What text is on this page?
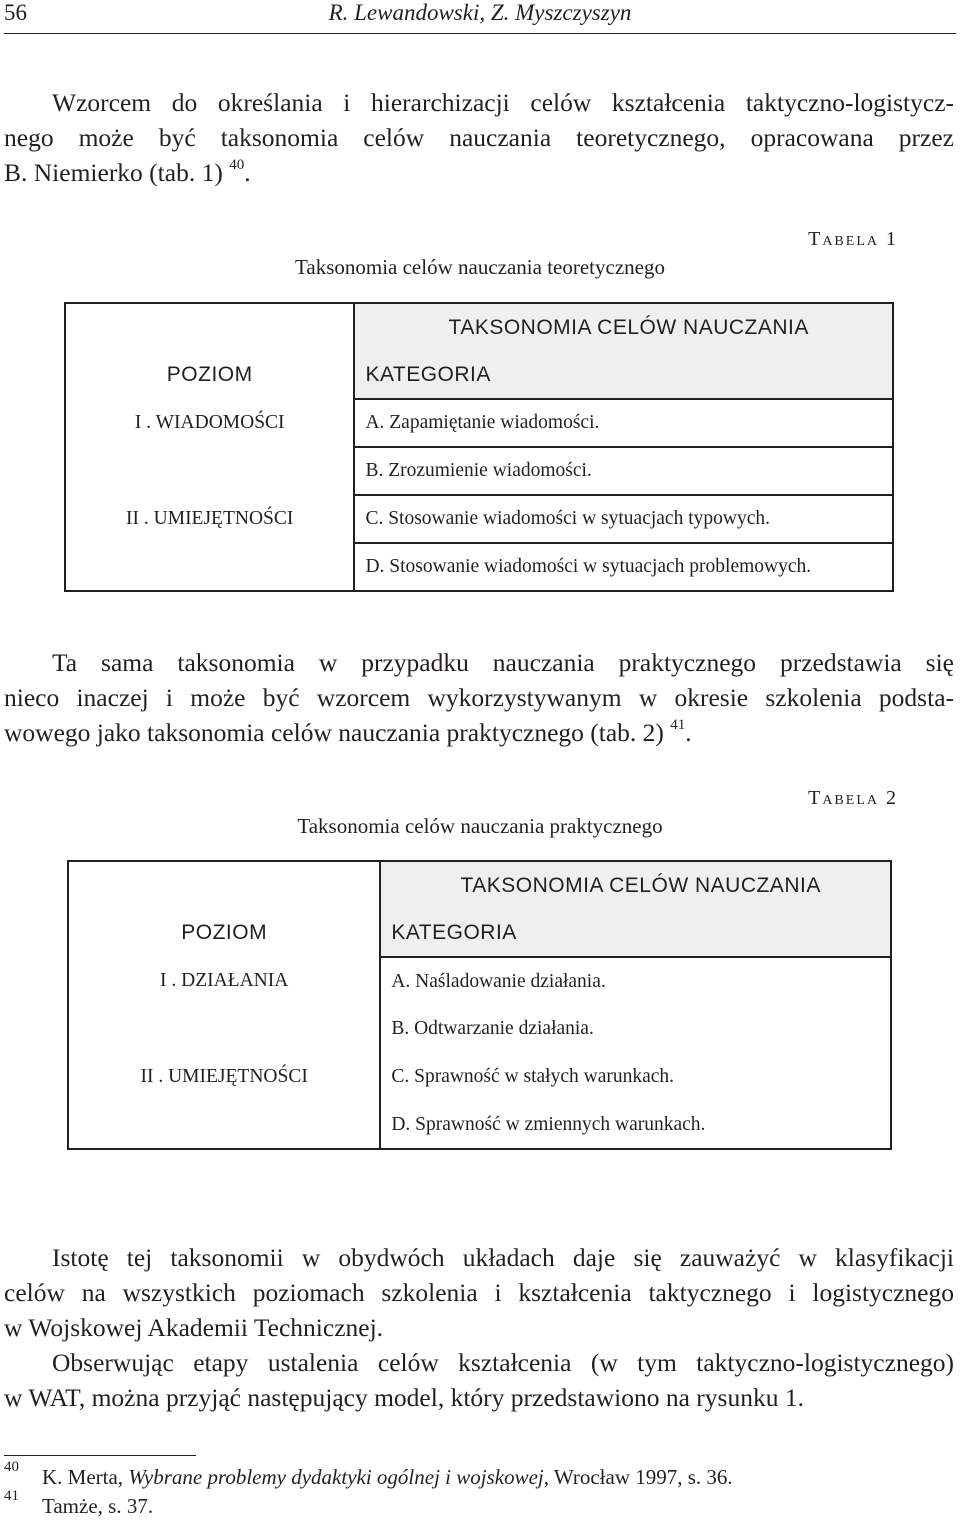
56	R. Lewandowski, Z. Myszczyszyn
Wzorcem do określania i hierarchizacji celów kształcenia taktyczno-logistycz-
nego może być taksonomia celów nauczania teoretycznego, opracowana przez
B. Niemierko (tab. 1) $^{40}$.
Tabela 1
Taksonomia celów nauczania teoretycznego
	TAKSONOMIA CELÓW NAUCZANIA
POZIOM	KATEGORIA
I . WIADOMOŚCI	A. Zapamiętanie wiadomości.
	B. Zrozumienie wiadomości.
II . UMIEJĘTNOŚCI	C. Stosowanie wiadomości w sytuacjach typowych.
	D. Stosowanie wiadomości w sytuacjach problemowych.
Ta sama taksonomia w przypadku nauczania praktycznego przedstawia się
nieco inaczej i może być wzorcem wykorzystywanym w okresie szkolenia podsta-
wowego jako taksonomia celów nauczania praktycznego (tab. 2) $^{41}$.
Tabela 2
Taksonomia celów nauczania praktycznego
	TAKSONOMIA CELÓW NAUCZANIA
POZIOM	KATEGORIA
I . DZIAŁANIA	A. Naśladowanie działania.
	B. Odtwarzanie działania.
II . UMIEJĘTNOŚCI	C. Sprawność w stałych warunkach.
	D. Sprawność w zmiennych warunkach.
Istotę tej taksonomii w obydwóch układach daje się zauważyć w klasyfikacji
celów na wszystkich poziomach szkolenia i kształcenia taktycznego i logistycznego
w Wojskowej Akademii Technicznej.
Obserwując etapy ustalenia celów kształcenia (w tym taktyczno-logistycznego)
w WAT, można przyjąć następujący model, który przedstawiono na rysunku 1.
40 K. Merta, Wybrane problemy dydaktyki ogólnej i wojskowej, Wrocław 1997, s. 36.
41 Tamże, s. 37.
